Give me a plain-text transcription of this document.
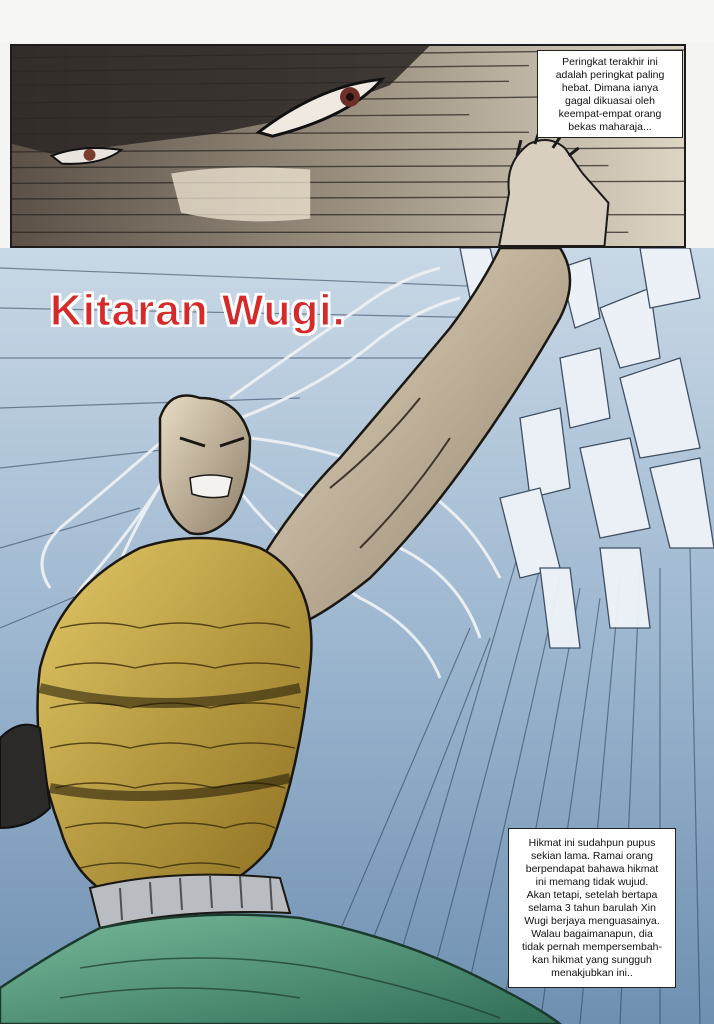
Peringkat terakhir ini
adalah peringkat paling
hebat. Dimana ianya
gagal dikuasai oleh
keempat-empat orang
bekas maharaja...
Kitaran Wugi.
Hikmat ini sudahpun pupus
sekian lama. Ramai orang
berpendapat bahawa hikmat
ini memang tidak wujud.
Akan tetapi, setelah bertapa
selama 3 tahun barulah Xin
Wugi berjaya menguasainya.
Walau bagaimanapun, dia
tidak pernah mempersembah-
kan hikmat yang sungguh
menakjubkan ini..
